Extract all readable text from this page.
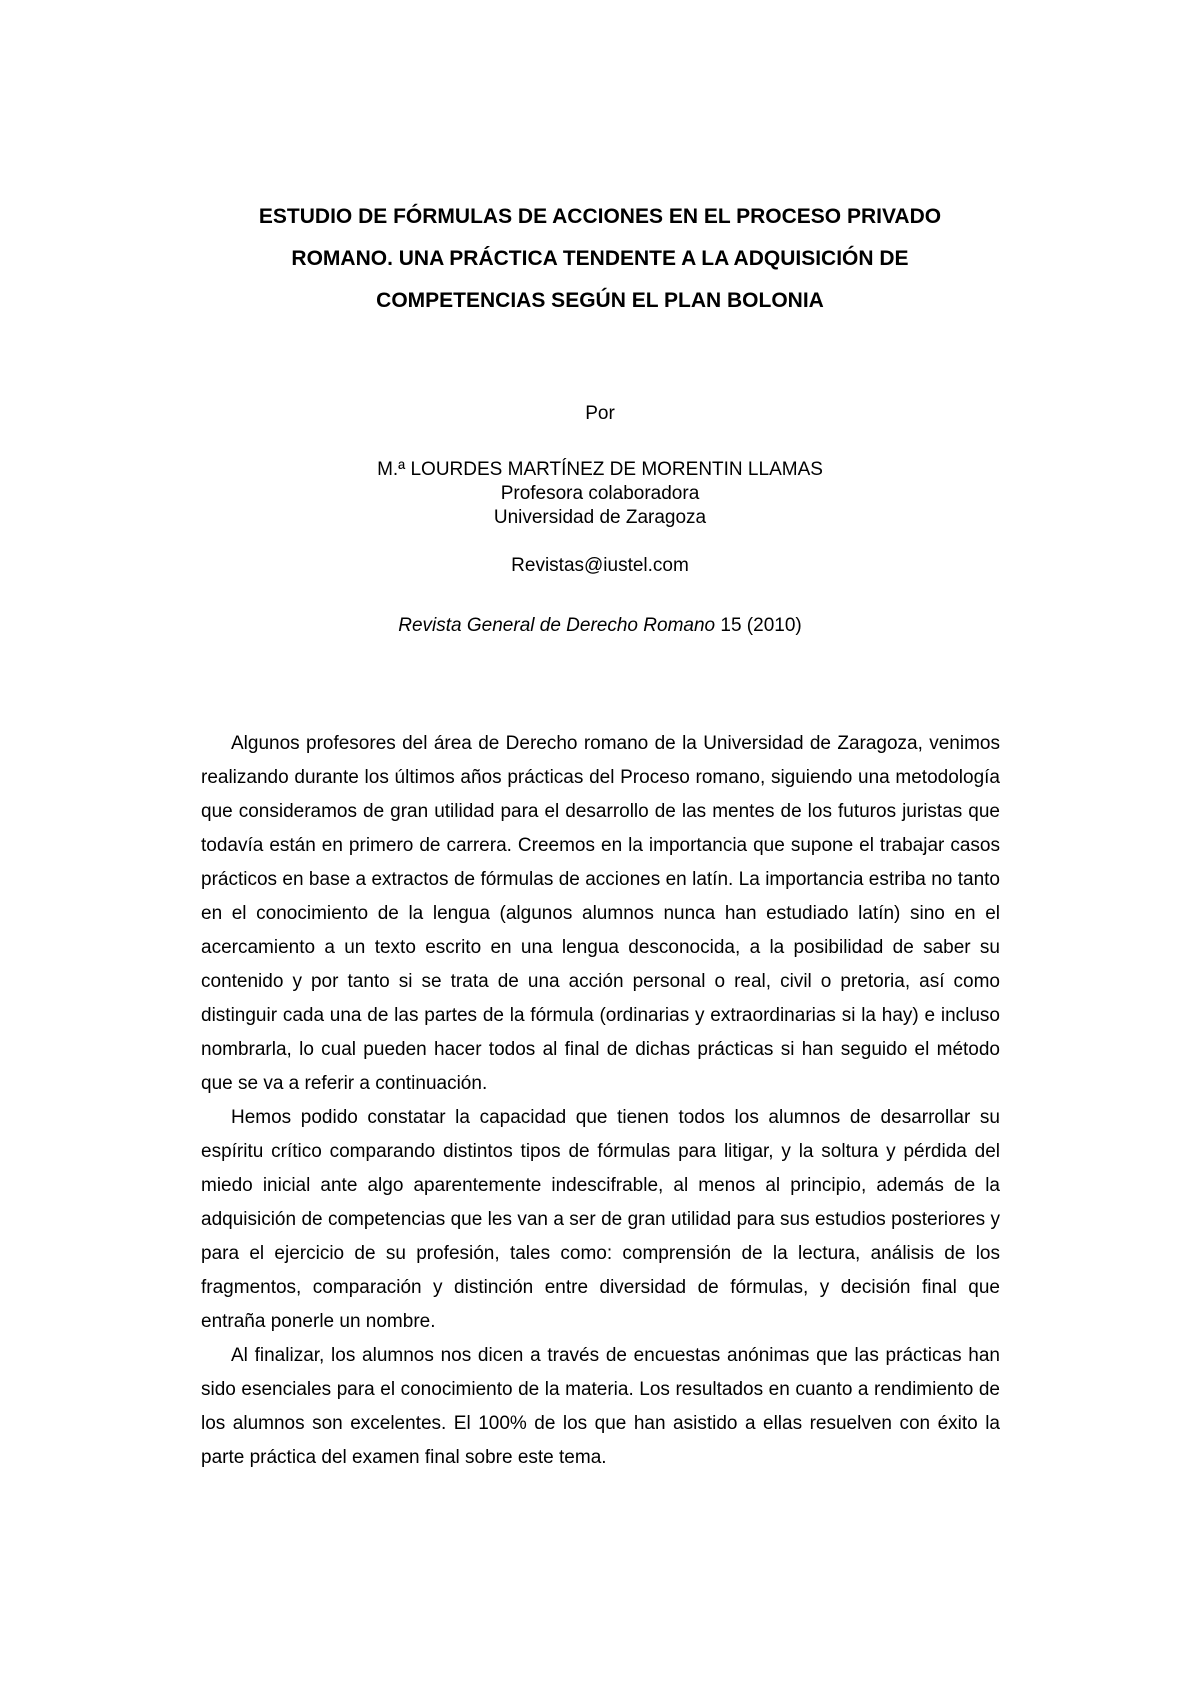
ESTUDIO DE FÓRMULAS DE ACCIONES EN EL PROCESO PRIVADO
ROMANO. UNA PRÁCTICA TENDENTE A LA ADQUISICIÓN DE
COMPETENCIAS SEGÚN EL PLAN BOLONIA
Por
M.ª LOURDES MARTÍNEZ DE MORENTIN LLAMAS
Profesora colaboradora
Universidad de Zaragoza
Revistas@iustel.com
Revista General de Derecho Romano 15 (2010)

Algunos profesores del área de Derecho romano de la Universidad de Zaragoza, venimos realizando durante los últimos años prácticas del Proceso romano, siguiendo una metodología que consideramos de gran utilidad para el desarrollo de las mentes de los futuros juristas que todavía están en primero de carrera. Creemos en la importancia que supone el trabajar casos prácticos en base a extractos de fórmulas de acciones en latín. La importancia estriba no tanto en el conocimiento de la lengua (algunos alumnos nunca han estudiado latín) sino en el acercamiento a un texto escrito en una lengua desconocida, a la posibilidad de saber su contenido y por tanto si se trata de una acción personal o real, civil o pretoria, así como distinguir cada una de las partes de la fórmula (ordinarias y extraordinarias si la hay) e incluso nombrarla, lo cual pueden hacer todos al final de dichas prácticas si han seguido el método que se va a referir a continuación.

Hemos podido constatar la capacidad que tienen todos los alumnos de desarrollar su espíritu crítico comparando distintos tipos de fórmulas para litigar, y la soltura y pérdida del miedo inicial ante algo aparentemente indescifrable, al menos al principio, además de la adquisición de competencias que les van a ser de gran utilidad para sus estudios posteriores y para el ejercicio de su profesión, tales como: comprensión de la lectura, análisis de los fragmentos, comparación y distinción entre diversidad de fórmulas, y decisión final que entraña ponerle un nombre.

Al finalizar, los alumnos nos dicen a través de encuestas anónimas que las prácticas han sido esenciales para el conocimiento de la materia. Los resultados en cuanto a rendimiento de los alumnos son excelentes. El 100% de los que han asistido a ellas resuelven con éxito la parte práctica del examen final sobre este tema.
